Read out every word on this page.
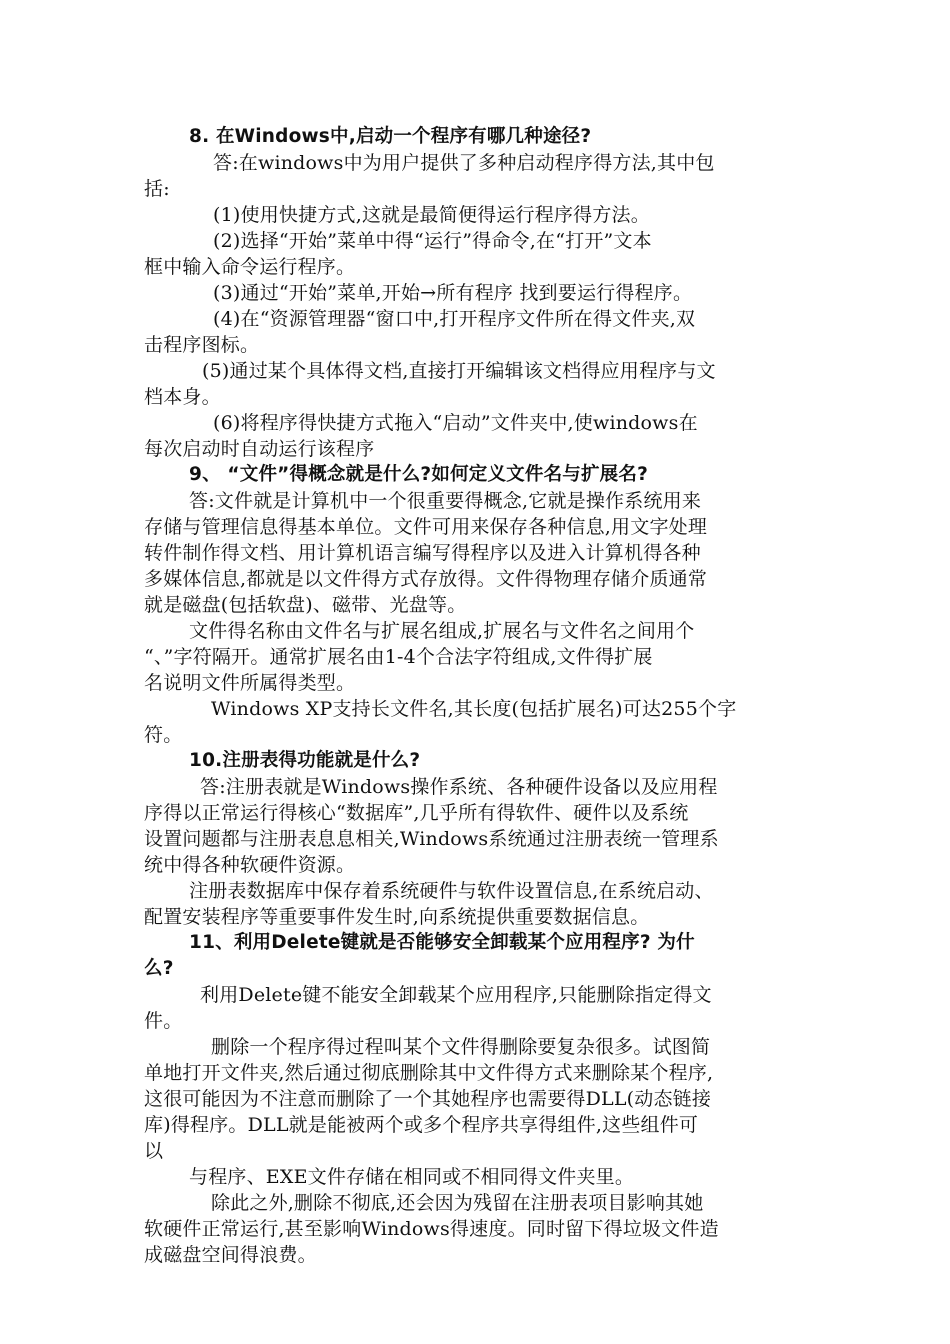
8. 在Windows中,启动一个程序有哪几种途径?
答:在windows中为用户提供了多种启动程序得方法,其中包
括:
(1)使用快捷方式,这就是最简便得运行程序得方法。
(2)选择“开始”菜单中得“运行”得命令,在“打开”文本
框中输入命令运行程序。
(3)通过“开始”菜单,开始→所有程序 找到要运行得程序。
(4)在“资源管理器“窗口中,打开程序文件所在得文件夹,双
击程序图标。
(5)通过某个具体得文档,直接打开编辑该文档得应用程序与文
档本身。
(6)将程序得快捷方式拖入“启动”文件夹中,使windows在
每次启动时自动运行该程序
9、 “文件”得概念就是什么?如何定义文件名与扩展名?
答:文件就是计算机中一个很重要得概念,它就是操作系统用来
存储与管理信息得基本单位。文件可用来保存各种信息,用文字处理
转件制作得文档、用计算机语言编写得程序以及进入计算机得各种
多媒体信息,都就是以文件得方式存放得。文件得物理存储介质通常
就是磁盘(包括软盘)、磁带、光盘等。
文件得名称由文件名与扩展名组成,扩展名与文件名之间用个
“、”字符隔开。通常扩展名由1-4个合法字符组成,文件得扩展
名说明文件所属得类型。
Windows XP支持长文件名,其长度(包括扩展名)可达255个字
符。
10.注册表得功能就是什么?
答:注册表就是Windows操作系统、各种硬件设备以及应用程
序得以正常运行得核心“数据库”,几乎所有得软件、硬件以及系统
设置问题都与注册表息息相关,Windows系统通过注册表统一管理系
统中得各种软硬件资源。
注册表数据库中保存着系统硬件与软件设置信息,在系统启动、
配置安装程序等重要事件发生时,向系统提供重要数据信息。
11、利用Delete键就是否能够安全卸载某个应用程序? 为什
么?
利用Delete键不能安全卸载某个应用程序,只能删除指定得文
件。
删除一个程序得过程叫某个文件得删除要复杂很多。试图简
单地打开文件夹,然后通过彻底删除其中文件得方式来删除某个程序,
这很可能因为不注意而删除了一个其她程序也需要得DLL(动态链接
库)得程序。DLL就是能被两个或多个程序共享得组件,这些组件可
以
与程序、EXE文件存储在相同或不相同得文件夹里。
除此之外,删除不彻底,还会因为残留在注册表项目影响其她
软硬件正常运行,甚至影响Windows得速度。同时留下得垃圾文件造
成磁盘空间得浪费。
